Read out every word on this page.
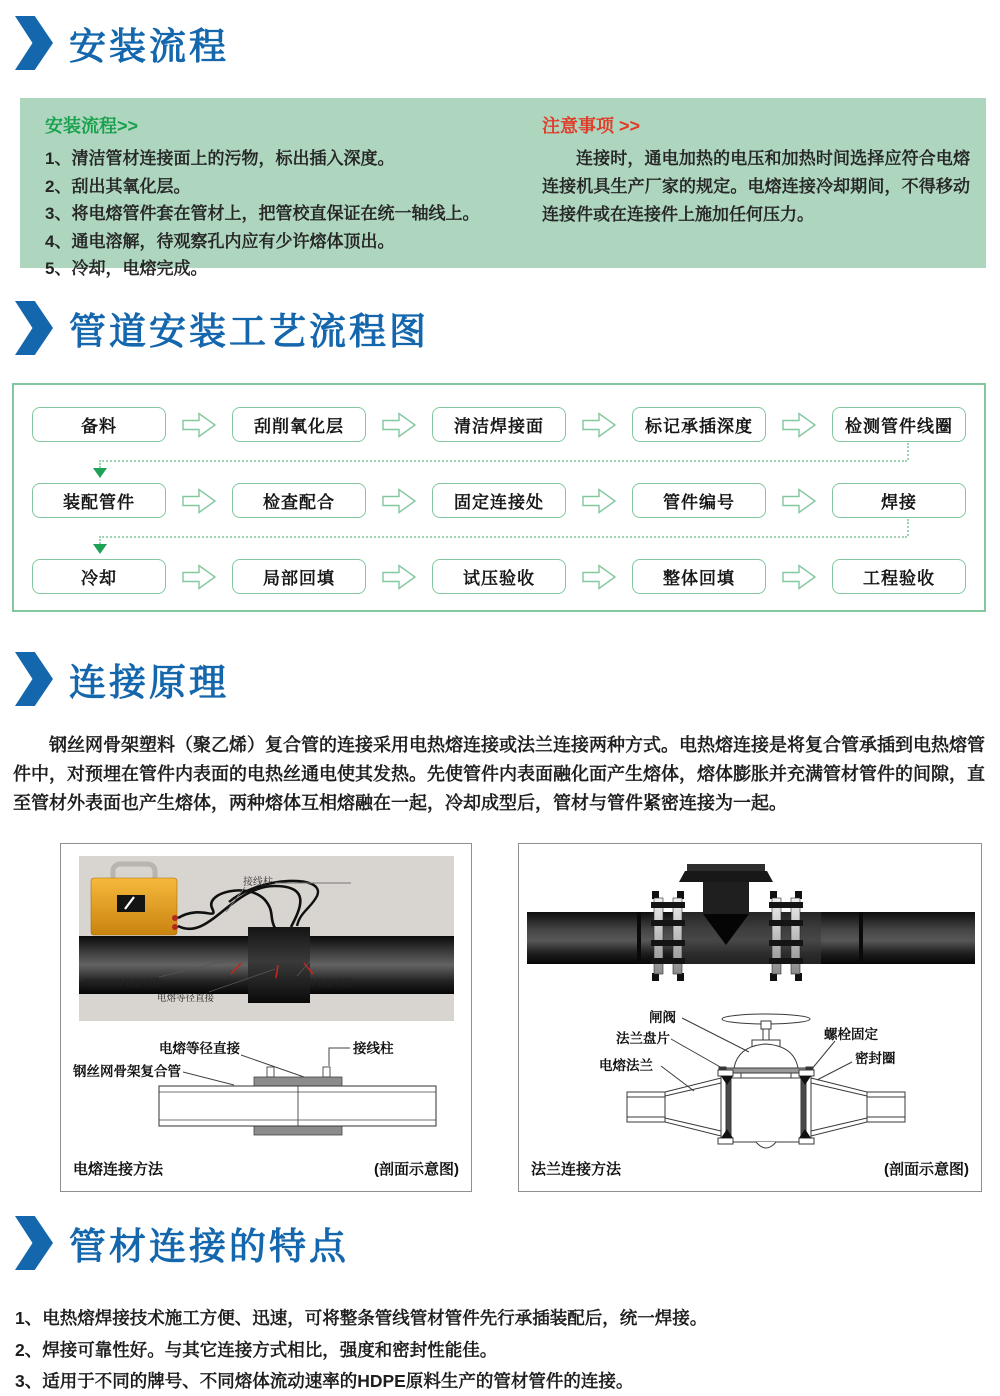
安装流程
安装流程>>
1、清洁管材连接面上的污物，标出插入深度。
2、刮出其氧化层。
3、将电熔管件套在管材上，把管校直保证在统一轴线上。
4、通电溶解，待观察孔内应有少许熔体顶出。
5、冷却，电熔完成。
注意事项 >>
连接时，通电加热的电压和加热时间选择应符合电熔连接机具生产厂家的规定。电熔连接冷却期间，不得移动连接件或在连接件上施加任何压力。
管道安装工艺流程图
备料	刮削氧化层	清洁焊接面	标记承插深度	检测管件线圈
装配管件	检查配合	固定连接处	管件编号	焊接
冷却	局部回填	试压验收	整体回填	工程验收
连接原理
钢丝网骨架塑料（聚乙烯）复合管的连接采用电热熔连接或法兰连接两种方式。电热熔连接是将复合管承插到电热熔管件中，对预埋在管件内表面的电热丝通电使其发热。先使管件内表面融化面产生熔体，熔体膨胀并充满管材管件的间隙，直至管材外表面也产生熔体，两种熔体互相熔融在一起，冷却成型后，管材与管件紧密连接为一起。
接线柱
钢丝网骨架复合管
电熔等径直接
钢丝网骨架复合管
电熔等径直接	接线柱
钢丝网骨架复合管
电熔连接方法	(剖面示意图)
闸阀
法兰盘片
电熔法兰
螺栓固定
密封圈
法兰连接方法	(剖面示意图)
管材连接的特点
1、电热熔焊接技术施工方便、迅速，可将整条管线管材管件先行承插装配后，统一焊接。
2、焊接可靠性好。与其它连接方式相比，强度和密封性能佳。
3、适用于不同的牌号、不同熔体流动速率的HDPE原料生产的管材管件的连接。
